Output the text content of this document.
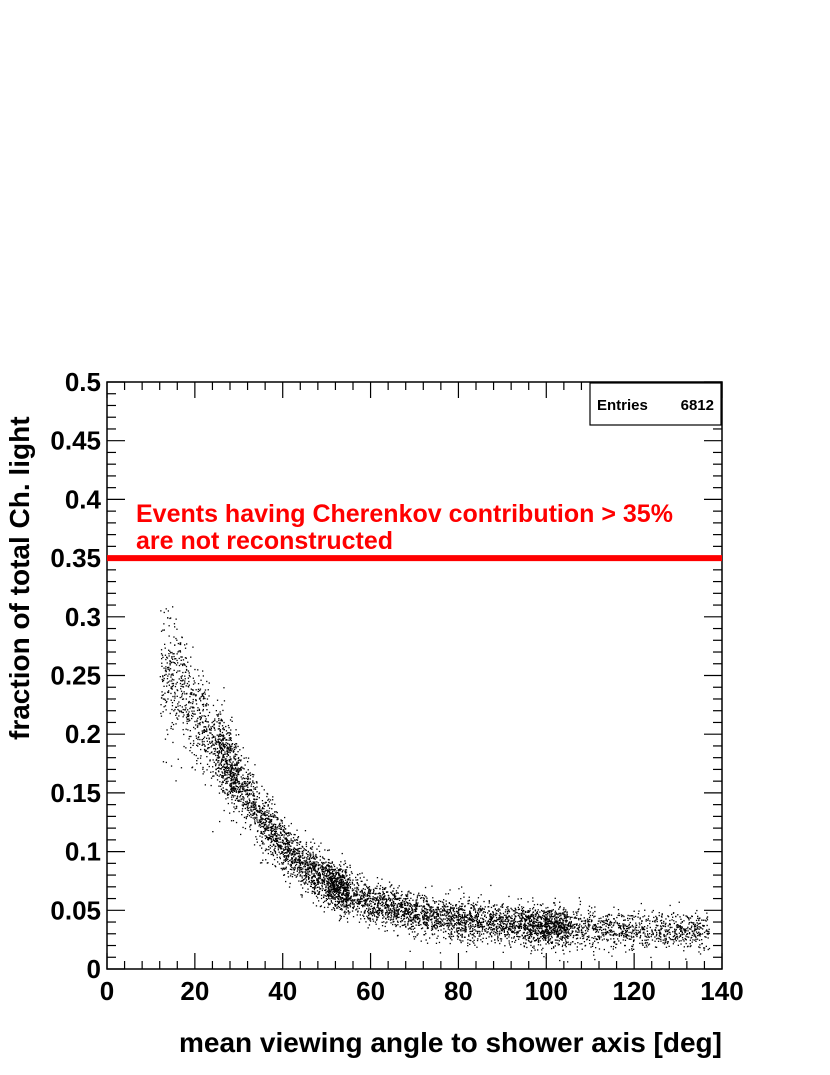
0	20 40 60 80 100 120 140
0
0.05
0.1
0.15
0.2
0.25
0.3
0.35
0.4
0.45
0.5
Events having Cherenkov contribution > 35%
are not reconstructed
Entries 6812
mean viewing angle to shower axis [deg]
fraction of total Ch. light
